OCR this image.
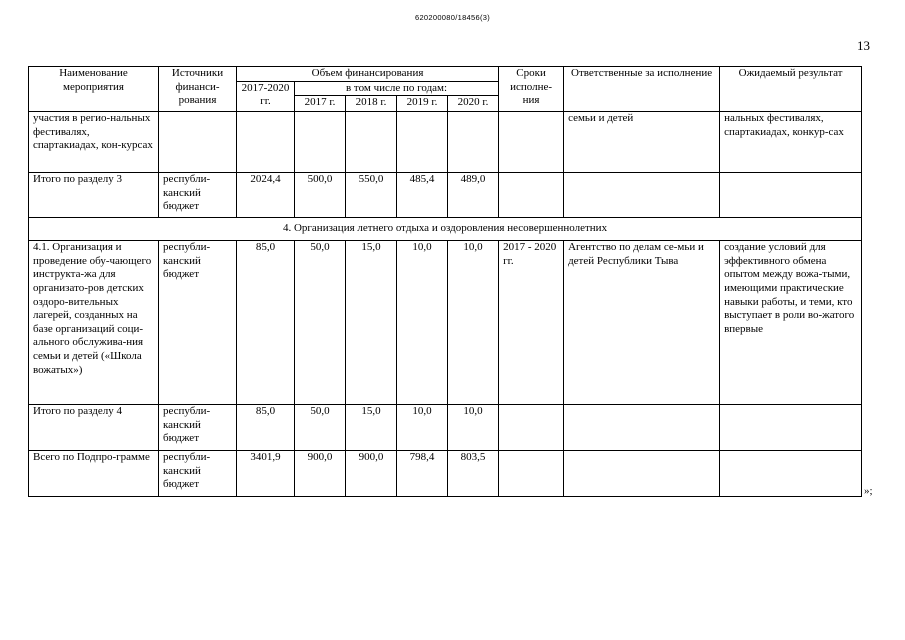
620200080/18456(3)
13
Наименование мероприятия	Источники финанси-рования	Объем финансирования					Сроки исполне-ния	Ответственные за исполнение	Ожидаемый результат
		2017-2020 гг.	в том числе по годам:						
			2017 г.	2018 г.	2019 г.	2020 г.			
участия в регио-нальных фестивалях, спартакиадах, кон-курсах								семьи и детей	нальных фестивалях, спартакиадах, конкур-сах
Итого по разделу 3	республи-канский бюджет	2024,4	500,0	550,0	485,4	489,0			
4. Организация летнего отдыха и оздоровления несовершеннолетних									
4.1. Организация и проведение обу-чающего инструкта-жа для организато-ров детских оздоро-вительных лагерей, созданных на базе организаций соци-ального обслужива-ния семьи и детей («Школа вожатых»)	республи-канский бюджет	85,0	50,0	15,0	10,0	10,0	2017 - 2020 гг.	Агентство по делам се-мьи и детей Республики Тыва	создание условий для эффективного обмена опытом между вожа-тыми, имеющими практические навыки работы, и теми, кто выступает в роли во-жатого впервые
Итого по разделу 4	республи-канский бюджет	85,0	50,0	15,0	10,0	10,0			
Всего по Подпро-грамме	республи-канский бюджет	3401,9	900,0	900,0	798,4	803,5			
»;
